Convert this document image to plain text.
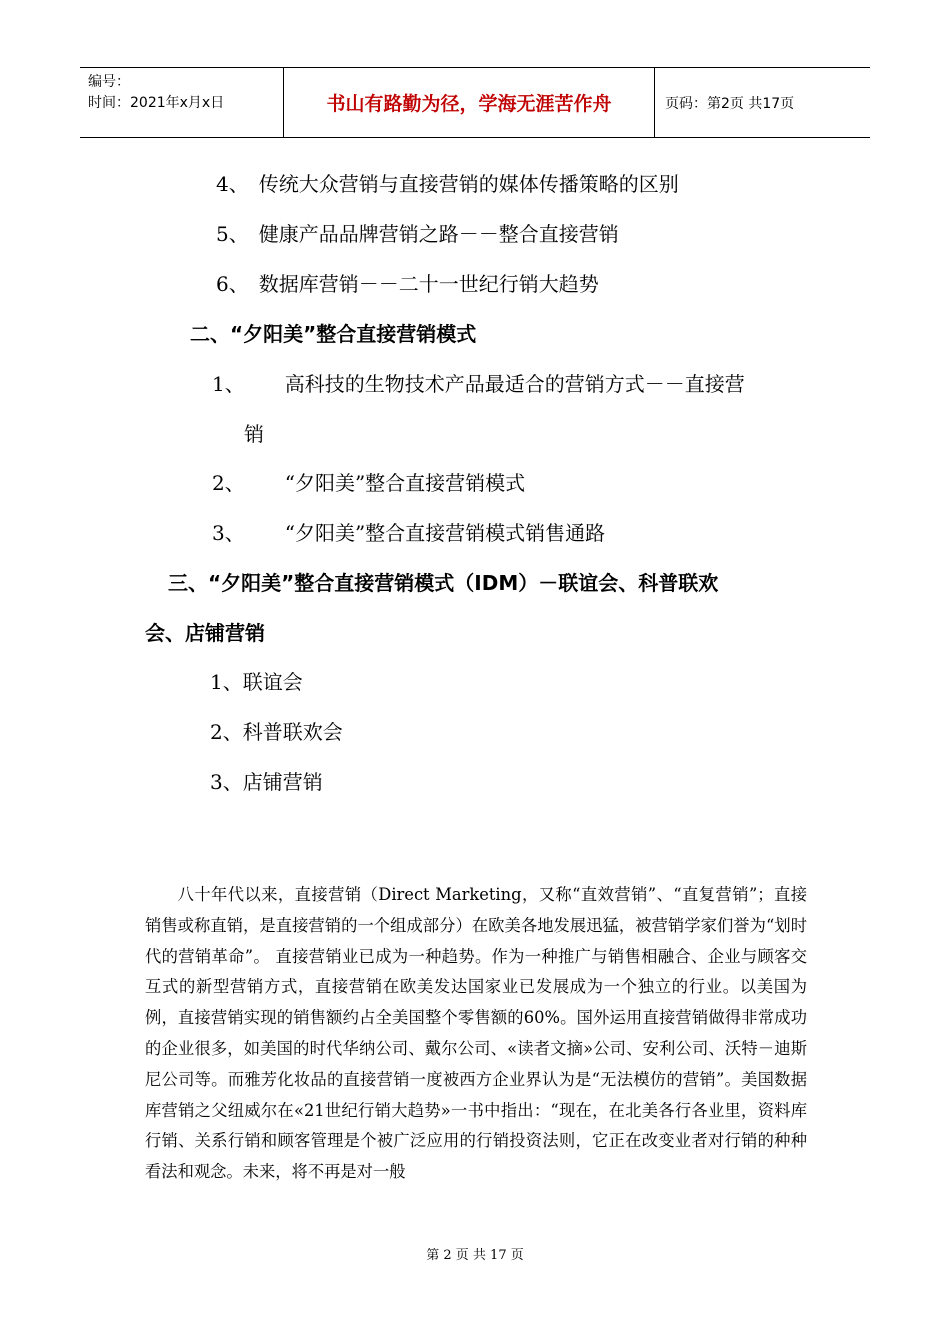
编号：
时间：2021年x月x日	书山有路勤为径，学海无涯苦作舟	页码：第2页 共17页
4、 传统大众营销与直接营销的媒体传播策略的区别
5、 健康产品品牌营销之路－－整合直接营销
6、 数据库营销－－二十一世纪行销大趋势
二、“夕阳美”整合直接营销模式
1、 高科技的生物技术产品最适合的营销方式－－直接营
销
2、 “夕阳美”整合直接营销模式
3、 “夕阳美”整合直接营销模式销售通路
三、“夕阳美”整合直接营销模式（IDM）－联谊会、科普联欢
会、店铺营销
1、联谊会
2、科普联欢会
3、店铺营销

八十年代以来，直接营销（Direct Marketing，又称“直效营销”、“直复营销”；直接销售或称直销，是直接营销的一个组成部分）在欧美各地发展迅猛，被营销学家们誉为“划时代的营销革命”。 直接营销业已成为一种趋势。作为一种推广与销售相融合、企业与顾客交互式的新型营销方式，直接营销在欧美发达国家业已发展成为一个独立的行业。以美国为例，直接营销实现的销售额约占全美国整个零售额的60%。国外运用直接营销做得非常成功的企业很多，如美国的时代华纳公司、戴尔公司、«读者文摘»公司、安利公司、沃特－迪斯尼公司等。而雅芳化妆品的直接营销一度被西方企业界认为是“无法模仿的营销”。美国数据库营销之父纽威尔在«21世纪行销大趋势»一书中指出：“现在，在北美各行各业里，资料库行销、关系行销和顾客管理是个被广泛应用的行销投资法则，它正在改变业者对行销的种种看法和观念。未来，将不再是对一般

第 2 页 共 17 页
